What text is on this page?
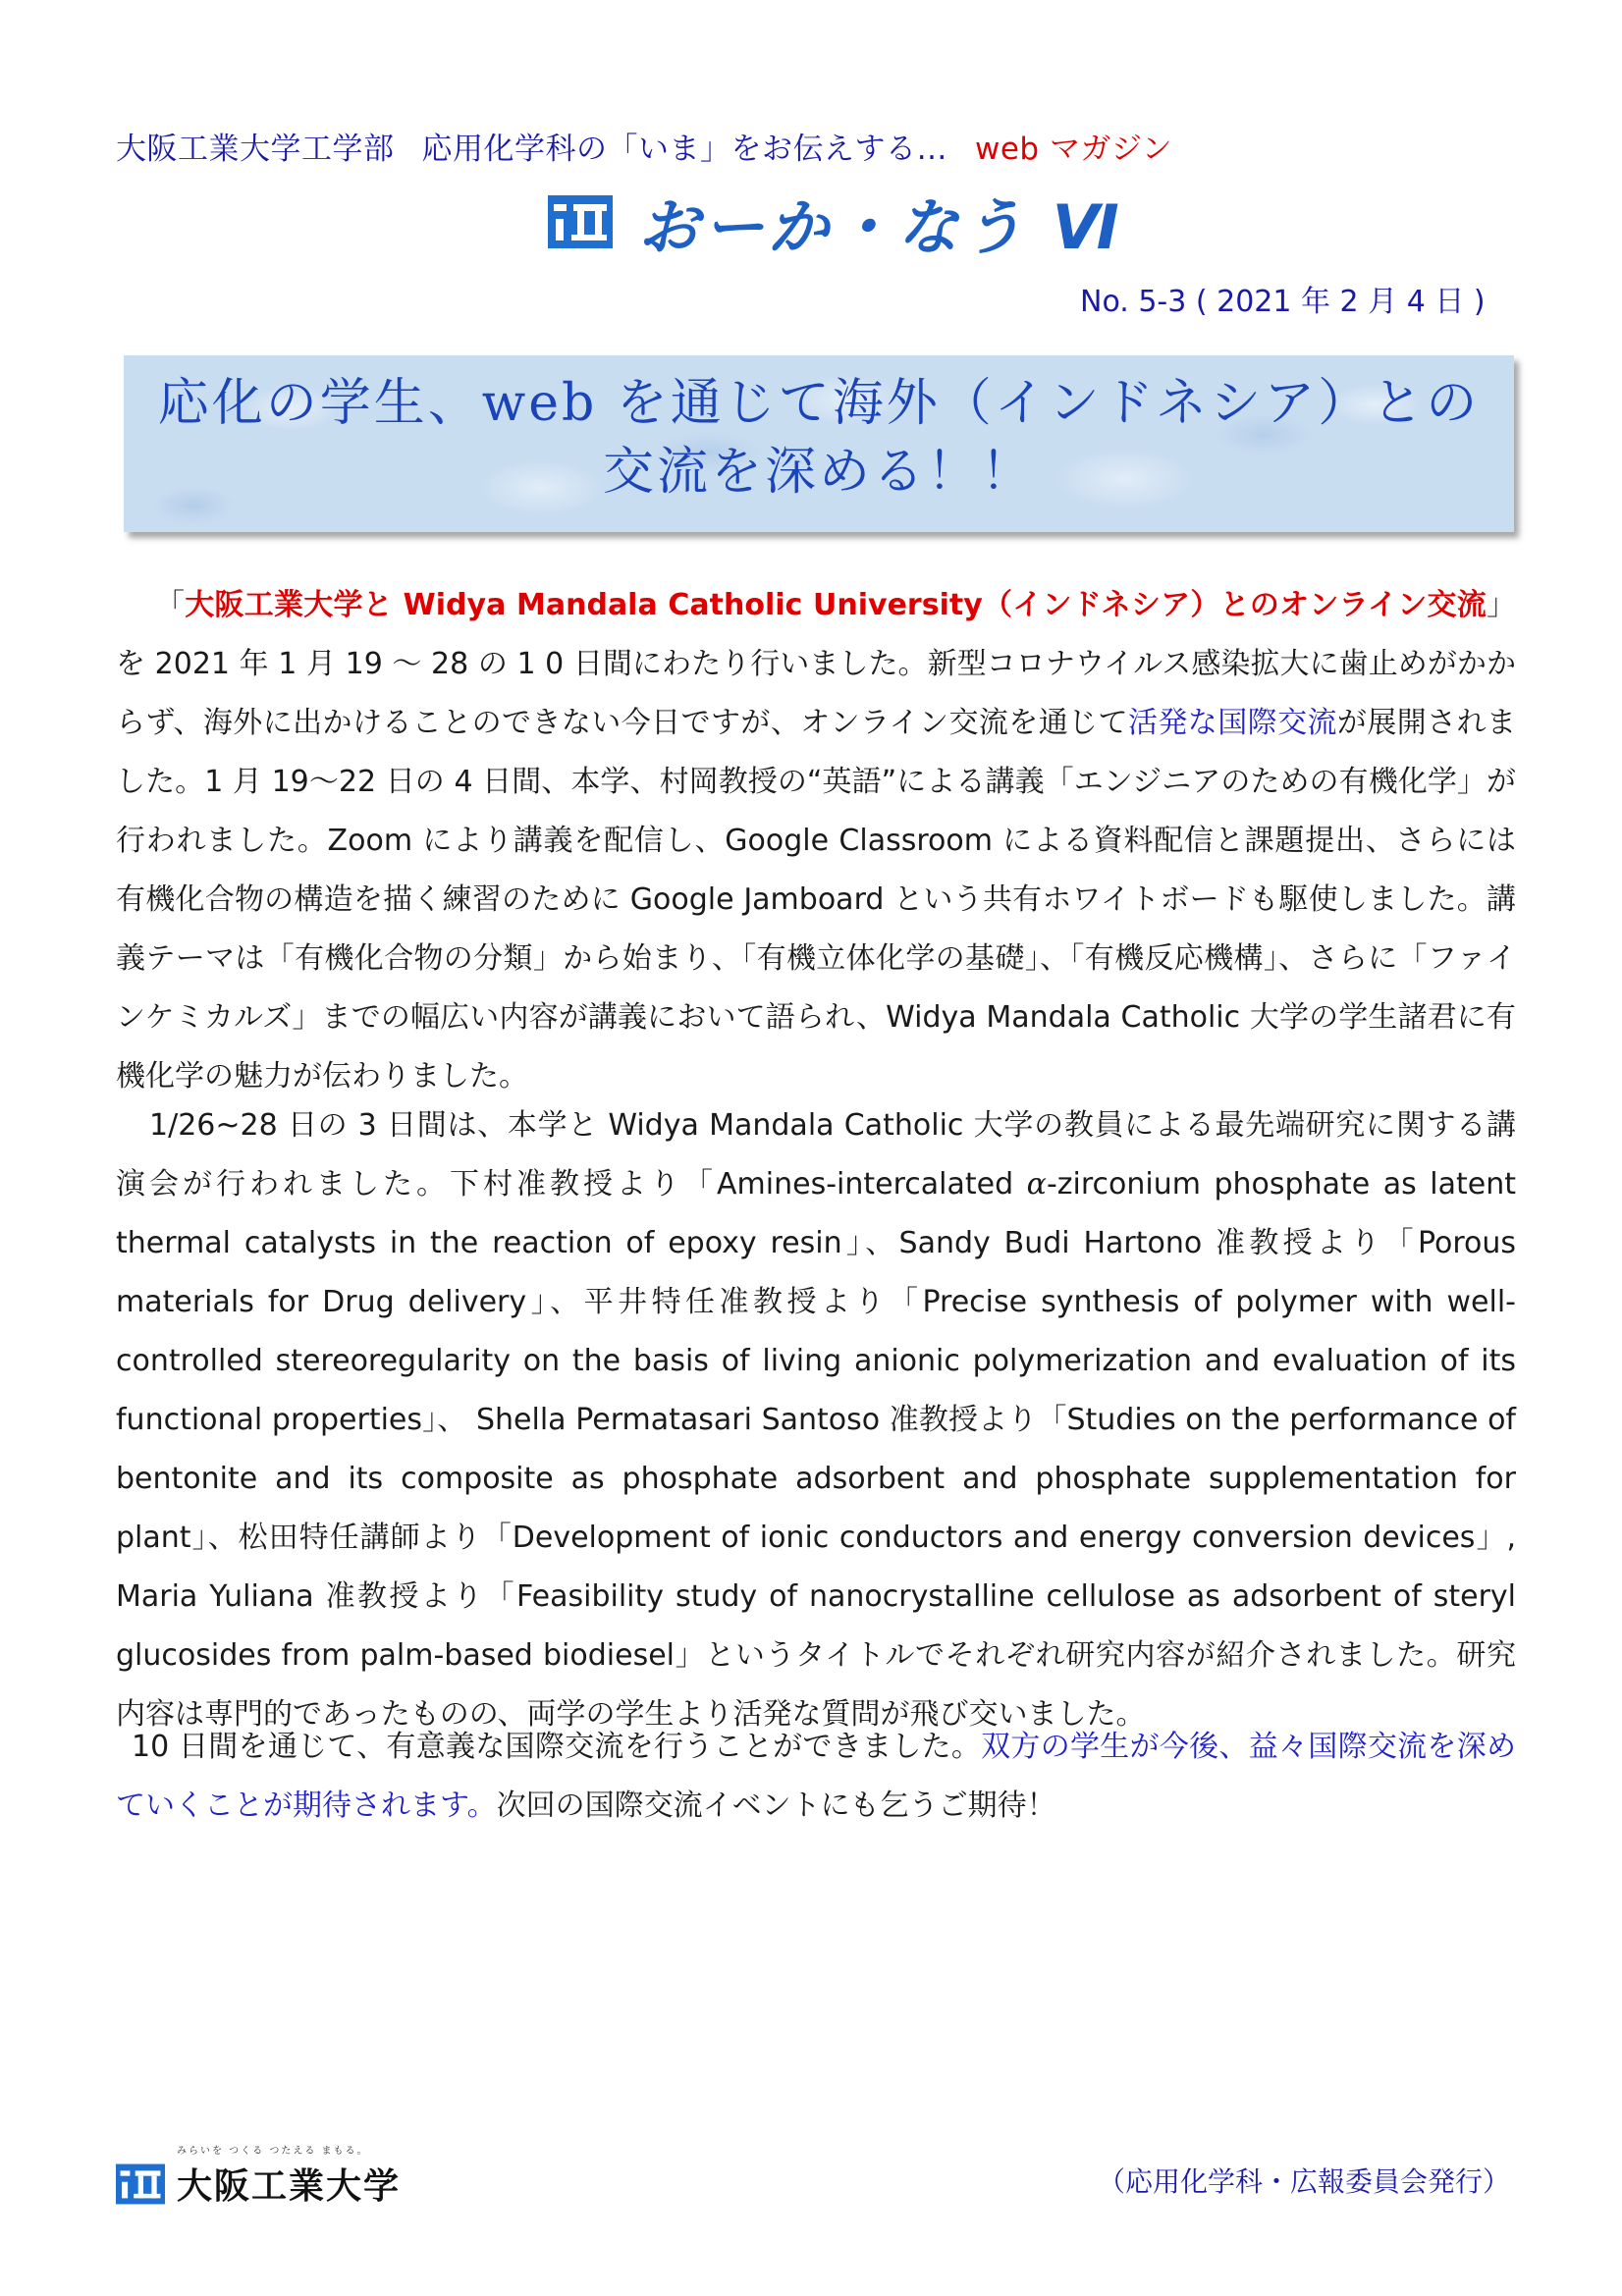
大阪工業大学工学部 応用化学科の「いま」をお伝えする… web マガジン
おーか・なう Ⅵ
No. 5-3 ( 2021 年 2 月 4 日 )
応化の学生、web を通じて海外（インドネシア）との
交流を深める！！
「大阪工業大学と Widya Mandala Catholic University（インドネシア）とのオンライン交流」を 2021 年 1 月 19 ～ 28 の 1 0 日間にわたり行いました。新型コロナウイルス感染拡大に歯止めがかからず、海外に出かけることのできない今日ですが、オンライン交流を通じて活発な国際交流が展開されました。1 月 19～22 日の 4 日間、本学、村岡教授の“英語”による講義「エンジニアのための有機化学」が行われました。Zoom により講義を配信し、Google Classroom による資料配信と課題提出、さらには有機化合物の構造を描く練習のために Google Jamboard という共有ホワイトボードも駆使しました。講義テーマは「有機化合物の分類」から始まり、「有機立体化学の基礎」、「有機反応機構」、さらに「ファインケミカルズ」までの幅広い内容が講義において語られ、Widya Mandala Catholic 大学の学生諸君に有機化学の魅力が伝わりました。
1/26~28 日の 3 日間は、本学と Widya Mandala Catholic 大学の教員による最先端研究に関する講演会が行われました。下村准教授より「Amines-intercalated α-zirconium phosphate as latent thermal catalysts in the reaction of epoxy resin」、Sandy Budi Hartono 准教授より「Porous materials for Drug delivery」、平井特任准教授より「Precise synthesis of polymer with well-controlled stereoregularity on the basis of living anionic polymerization and evaluation of its functional properties」、 Shella Permatasari Santoso 准教授より「Studies on the performance of bentonite and its composite as phosphate adsorbent and phosphate supplementation for plant」、松田特任講師より「Development of ionic conductors and energy conversion devices」, Maria Yuliana 准教授より「Feasibility study of nanocrystalline cellulose as adsorbent of steryl glucosides from palm-based biodiesel」というタイトルでそれぞれ研究内容が紹介されました。研究内容は専門的であったものの、両学の学生より活発な質問が飛び交いました。
10 日間を通じて、有意義な国際交流を行うことができました。双方の学生が今後、益々国際交流を深めていくことが期待されます。次回の国際交流イベントにも乞うご期待！
みらいを つくる つたえる まもる。
大阪工業大学	（応用化学科・広報委員会発行）
